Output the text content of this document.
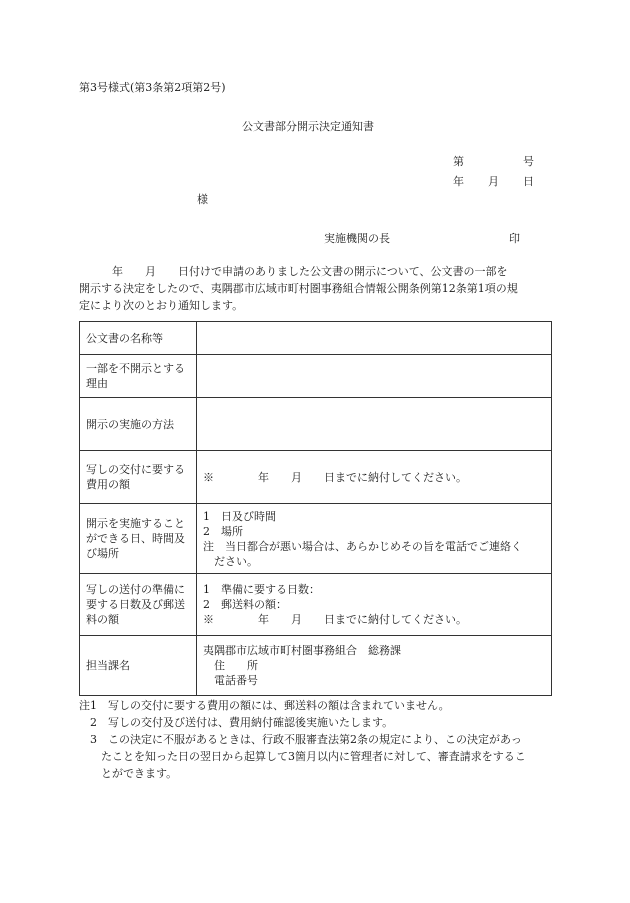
第3号様式(第3条第2項第2号)
公文書部分開示決定通知書
第	号
年 月 日
様
実施機関の長	印
　　　年　　月　　日付けで申請のありました公文書の開示について、公文書の一部を
開示する決定をしたので、夷隅郡市広域市町村圏事務組合情報公開条例第12条第1項の規
定により次のとおり通知します。
公文書の名称等	

一部を不開示とする
理由	

開示の実施の方法	

写しの交付に要する
費用の額	※　　　　年　　月　　日までに納付してください。

開示を実施すること
ができる日、時間及
び場所	1　日及び時間
2　場所
注　当日都合が悪い場合は、あらかじめその旨を電話でご連絡く
　ださい。

写しの送付の準備に
要する日数及び郵送
料の額	1　準備に要する日数：
2　郵送料の額：
※　　　　年　　月　　日までに納付してください。

担当課名	夷隅郡市広域市町村圏事務組合　総務課
　住　　所
　電話番号
注1　写しの交付に要する費用の額には、郵送料の額は含まれていません。
　2　写しの交付及び送付は、費用納付確認後実施いたします。
　3　この決定に不服があるときは、行政不服審査法第2条の規定により、この決定があっ
　　たことを知った日の翌日から起算して3箇月以内に管理者に対して、審査請求をするこ
　　とができます。
